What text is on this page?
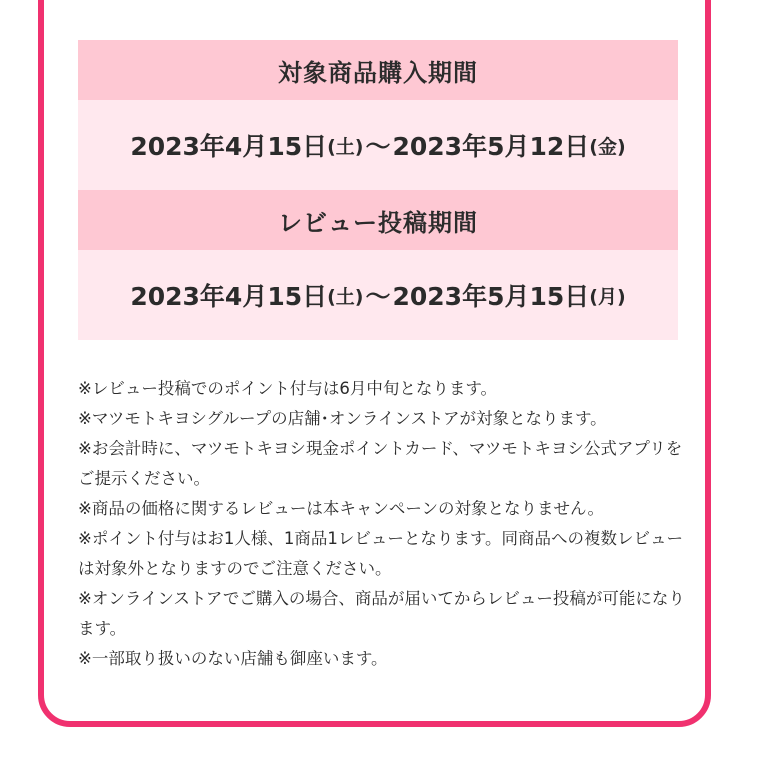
対象商品購入期間
2023年4月15日 (土) 〜 2023年5月12日 (金)
レビュー投稿期間
2023年4月15日 (土) 〜 2023年5月15日 (月)
※レビュー投稿でのポイント付与は6月中旬となります。
※マツモトキヨシグループの店舗･オンラインストアが対象となります。
※お会計時に、マツモトキヨシ現金ポイントカード、マツモトキヨシ公式アプリをご提示ください。
※商品の価格に関するレビューは本キャンペーンの対象となりません。
※ポイント付与はお1人様、1商品1レビューとなります。同商品への複数レビューは対象外となりますのでご注意ください。
※オンラインストアでご購入の場合、商品が届いてからレビュー投稿が可能になります。
※一部取り扱いのない店舗も御座います。
